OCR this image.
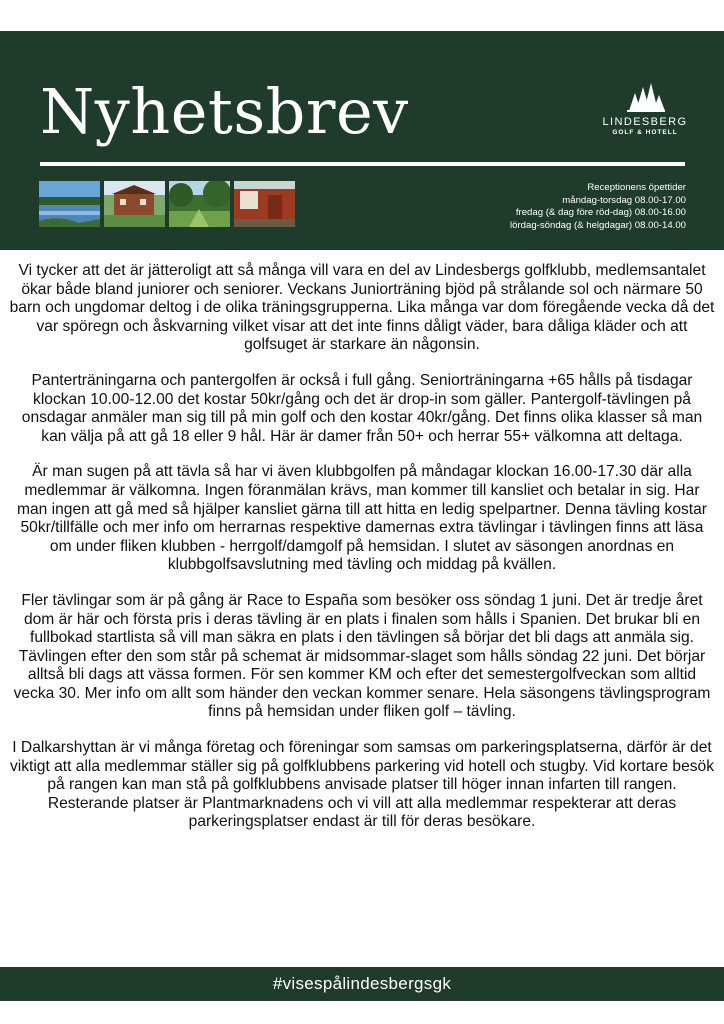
Nyhetsbrev	LINDESBERG
GOLF & HOTELL
Receptionens öpettider
måndag-torsdag 08.00-17.00
fredag (& dag före röd-dag) 08.00-16.00
lördag-söndag (& helgdagar) 08.00-14.00

Vi tycker att det är jätteroligt att så många vill vara en del av Lindesbergs golfklubb, medlemsantalet ökar både bland juniorer och seniorer. Veckans Juniorträning bjöd på strålande sol och närmare 50 barn och ungdomar deltog i de olika träningsgrupperna. Lika många var dom föregående vecka då det var spöregn och åskvarning vilket visar att det inte finns dåligt väder, bara dåliga kläder och att golfsuget är starkare än någonsin.

Panterträningarna och pantergolfen är också i full gång. Seniorträningarna +65 hålls på tisdagar klockan 10.00-12.00 det kostar 50kr/gång och det är drop-in som gäller. Pantergolf-tävlingen på onsdagar anmäler man sig till på min golf och den kostar 40kr/gång. Det finns olika klasser så man kan välja på att gå 18 eller 9 hål. Här är damer från 50+ och herrar 55+ välkomna att deltaga.

Är man sugen på att tävla så har vi även klubbgolfen på måndagar klockan 16.00-17.30 där alla medlemmar är välkomna. Ingen föranmälan krävs, man kommer till kansliet och betalar in sig. Har man ingen att gå med så hjälper kansliet gärna till att hitta en ledig spelpartner. Denna tävling kostar 50kr/tillfälle och mer info om herrarnas respektive damernas extra tävlingar i tävlingen finns att läsa om under fliken klubben - herrgolf/damgolf på hemsidan. I slutet av säsongen anordnas en klubbgolfsavslutning med tävling och middag på kvällen.

Fler tävlingar som är på gång är Race to España som besöker oss söndag 1 juni. Det är tredje året dom är här och första pris i deras tävling är en plats i finalen som hålls i Spanien. Det brukar bli en fullbokad startlista så vill man säkra en plats i den tävlingen så börjar det bli dags att anmäla sig. Tävlingen efter den som står på schemat är midsommar-slaget som hålls söndag 22 juni. Det börjar alltså bli dags att vässa formen. För sen kommer KM och efter det semestergolfveckan som alltid vecka 30. Mer info om allt som händer den veckan kommer senare. Hela säsongens tävlingsprogram finns på hemsidan under fliken golf – tävling.

I Dalkarshyttan är vi många företag och föreningar som samsas om parkeringsplatserna, därför är det viktigt att alla medlemmar ställer sig på golfklubbens parkering vid hotell och stugby. Vid kortare besök på rangen kan man stå på golfklubbens anvisade platser till höger innan infarten till rangen. Resterande platser är Plantmarknadens och vi vill att alla medlemmar respekterar att deras parkeringsplatser endast är till för deras besökare.

#visespålindesbergsgk
